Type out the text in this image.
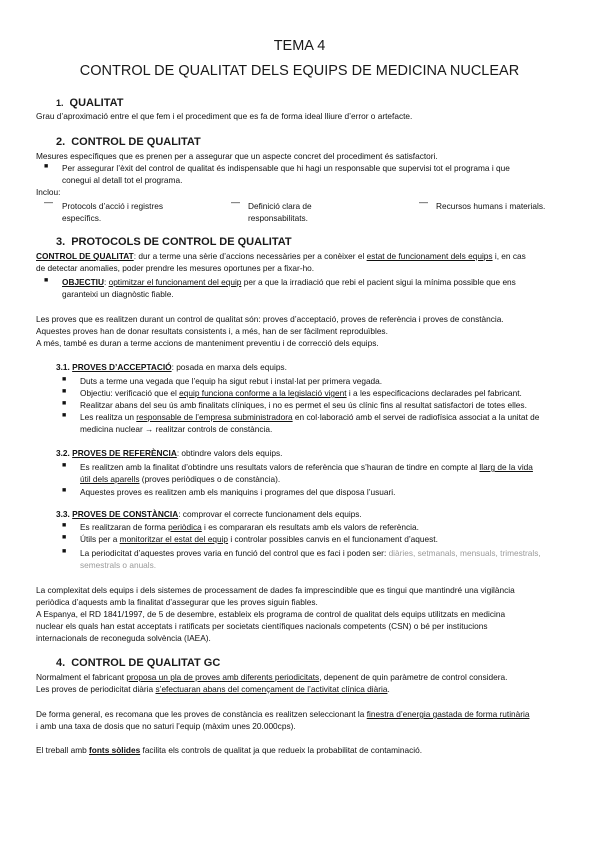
TEMA 4
CONTROL DE QUALITAT DELS EQUIPS DE MEDICINA NUCLEAR
1. QUALITAT
Grau d’aproximació entre el que fem i el procediment que es fa de forma ideal lliure d’error o artefacte.
2. CONTROL DE QUALITAT
Mesures específiques que es prenen per a assegurar que un aspecte concret del procediment és satisfactori.
■ Per assegurar l’èxit del control de qualitat és indispensable que hi hagi un responsable que supervisi tot el programa i que
conegui al detall tot el programa.
Inclou:
— Protocols d’acció i registres
específics.
— Definició clara de
responsabilitats.
— Recursos humans i materials.
3. PROTOCOLS DE CONTROL DE QUALITAT
CONTROL DE QUALITAT: dur a terme una sèrie d’accions necessàries per a conèixer el estat de funcionament dels equips i, en cas
de detectar anomalies, poder prendre les mesures oportunes per a fixar-ho.
■ OBJECTIU: optimitzar el funcionament del equip per a que la irradiació que rebi el pacient sigui la mínima possible que ens
garanteixi un diagnòstic fiable.
Les proves que es realitzen durant un control de qualitat són: proves d’acceptació, proves de referència i proves de constància.
Aquestes proves han de donar resultats consistents i, a més, han de ser fàcilment reproduïbles.
A més, també es duran a terme accions de manteniment preventiu i de correcció dels equips.
3.1. PROVES D’ACCEPTACIÓ: posada en marxa dels equips.
■ Duts a terme una vegada que l’equip ha sigut rebut i instal·lat per primera vegada.
■ Objectiu: verificació que el equip funciona conforme a la legislació vigent i a les especificacions declarades pel fabricant.
■ Realitzar abans del seu ús amb finalitats clíniques, i no es permet el seu ús clínic fins al resultat satisfactori de totes elles.
■ Les realitza un responsable de l’empresa subministradora en col·laboració amb el servei de radiofísica associat a la unitat de
medicina nuclear → realitzar controls de constància.
3.2. PROVES DE REFERÈNCIA: obtindre valors dels equips.
■ Es realitzen amb la finalitat d’obtindre uns resultats valors de referència que s’hauran de tindre en compte al llarg de la vida
útil dels aparells (proves periòdiques o de constància).
■ Aquestes proves es realitzen amb els maniquins i programes del que disposa l’usuari.
3.3. PROVES DE CONSTÀNCIA: comprovar el correcte funcionament dels equips.
■ Es realitzaran de forma periòdica i es compararan els resultats amb els valors de referència.
■ Útils per a monitoritzar el estat del equip i controlar possibles canvis en el funcionament d’aquest.
■ La periodicitat d’aquestes proves varia en funció del control que es faci i poden ser: diàries, setmanals, mensuals, trimestrals,
semestrals o anuals.
La complexitat dels equips i dels sistemes de processament de dades fa imprescindible que es tingui que mantindré una vigilància
periòdica d’aquests amb la finalitat d’assegurar que les proves siguin fiables.
A Espanya, el RD 1841/1997, de 5 de desembre, estableix els programa de control de qualitat dels equips utilitzats en medicina
nuclear els quals han estat acceptats i ratificats per societats científiques nacionals competents (CSN) o bé per institucions
internacionals de reconeguda solvència (IAEA).
4. CONTROL DE QUALITAT GC
Normalment el fabricant proposa un pla de proves amb diferents periodicitats, depenent de quin paràmetre de control considera.
Les proves de periodicitat diària s’efectuaran abans del començament de l’activitat clínica diària.
De forma general, es recomana que les proves de constància es realitzen seleccionant la finestra d’energia gastada de forma rutinària
i amb una taxa de dosis que no saturi l’equip (màxim unes 20.000cps).
El treball amb fonts sòlides facilita els controls de qualitat ja que redueix la probabilitat de contaminació.
